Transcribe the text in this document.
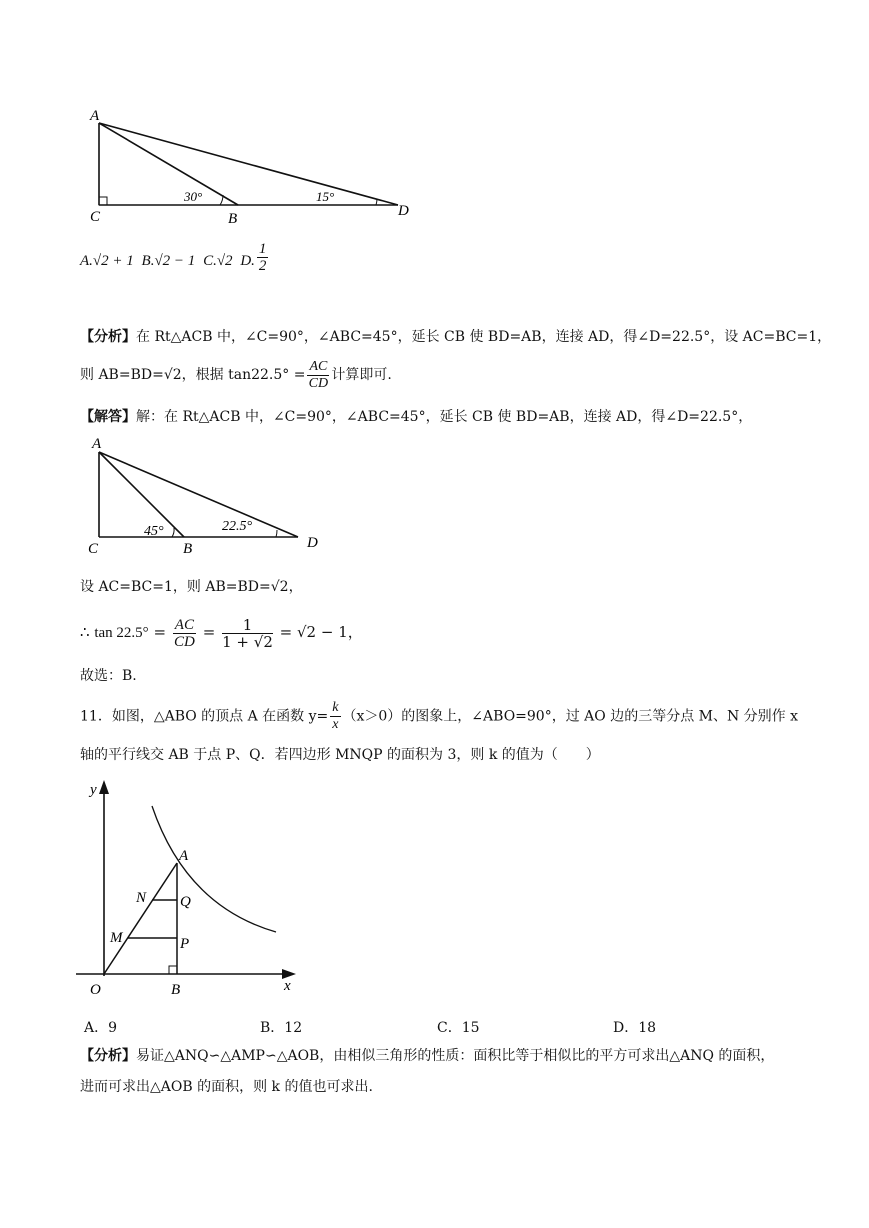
A
C	B	D
30°	15°
A.√2 + 1 B.√2 − 1 C.√2 D. $\frac{1}{2}$
【分析】在 Rt△ACB 中，∠C=90°，∠ABC=45°，延长 CB 使 BD=AB，连接 AD，得∠D=22.5°，设 AC=BC=1，
则 AB=BD=√2，根据 $\tan 22.5^\circ = \frac{AC}{CD}$ 计算即可.
【解答】解：在 Rt△ACB 中，∠C=90°，∠ABC=45°，延长 CB 使 BD=AB，连接 AD，得∠D=22.5°，
A
C	B	D
45°	22.5°
设 AC=BC=1，则 AB=BD=√2，
∴ $\tan 22.5^\circ = \frac{AC}{CD} = \frac{1}{1 + √2} = √2 - 1$，
故选：B.
11．如图，△ABO 的顶点 A 在函数 $y= \frac{k}{x} (x>0)$的图象上，∠ABO=90°，过 AO 边的三等分点 M、N 分别作 x
轴的平行线交 AB 于点 P、Q．若四边形 MNQP 的面积为 3，则 k 的值为（　　）
y
x
O
A
B
N Q
M	P
A．9	B．12	C．15	D．18
【分析】易证△ANQ∽△AMP∽△AOB，由相似三角形的性质：面积比等于相似比的平方可求出△ANQ 的面积，
进而可求出△AOB 的面积，则 k 的值也可求出.
